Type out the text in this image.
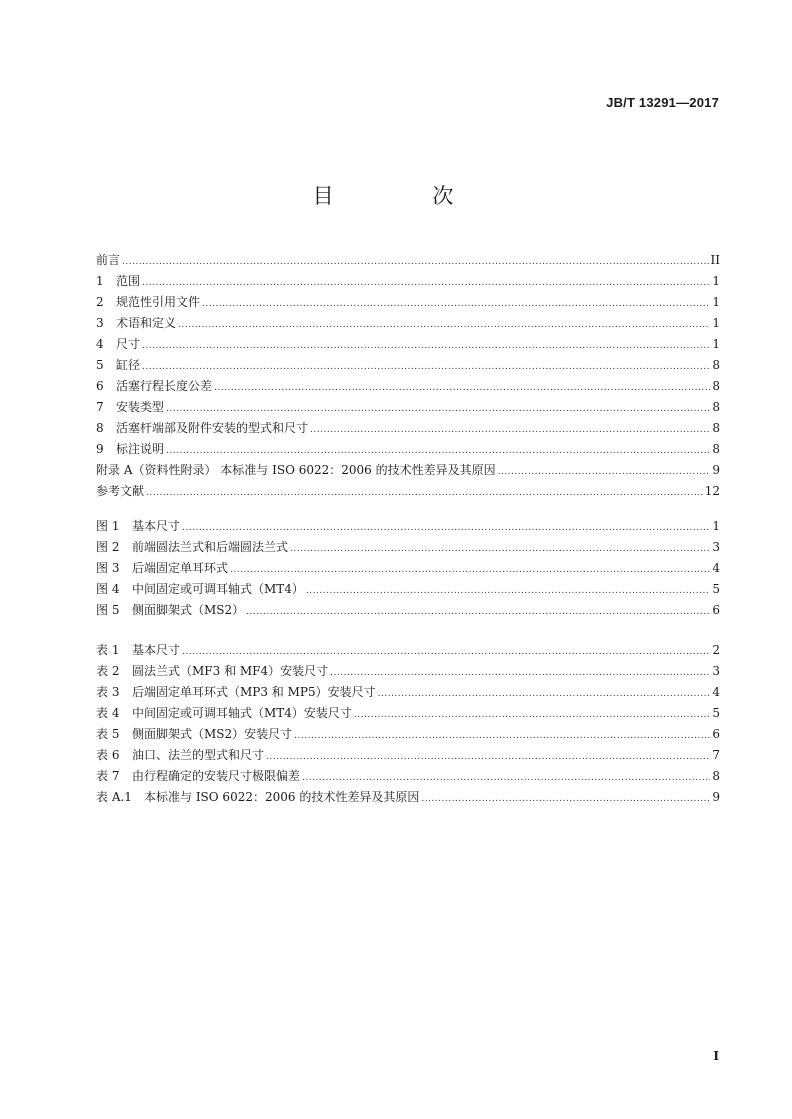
JB/T 13291—2017
目 次
前言 .....	II
1	范围 .....	1
2	规范性引用文件 .....	1
3	术语和定义 .....	1
4	尺寸 .....	1
5	缸径 .....	8
6	活塞行程长度公差 .....	8
7	安装类型 .....	8
8	活塞杆端部及附件安装的型式和尺寸 .....	8
9	标注说明 .....	8
附录 A（资料性附录） 本标准与 ISO 6022：2006 的技术性差异及其原因 .....	9
参考文献 .....	12
图 1	基本尺寸 .....	1
图 2	前端圆法兰式和后端圆法兰式 .....	3
图 3	后端固定单耳环式 .....	4
图 4	中间固定或可调耳轴式（MT4） .....	5
图 5	侧面脚架式（MS2） .....	6
表 1	基本尺寸 .....	2
表 2	圆法兰式（MF3 和 MF4）安装尺寸 .....	3
表 3	后端固定单耳环式（MP3 和 MP5）安装尺寸 .....	4
表 4	中间固定或可调耳轴式（MT4）安装尺寸 .....	5
表 5	侧面脚架式（MS2）安装尺寸 .....	6
表 6	油口、法兰的型式和尺寸 .....	7
表 7	由行程确定的安装尺寸极限偏差 .....	8
表 A.1	本标准与 ISO 6022：2006 的技术性差异及其原因 .....	9
I
